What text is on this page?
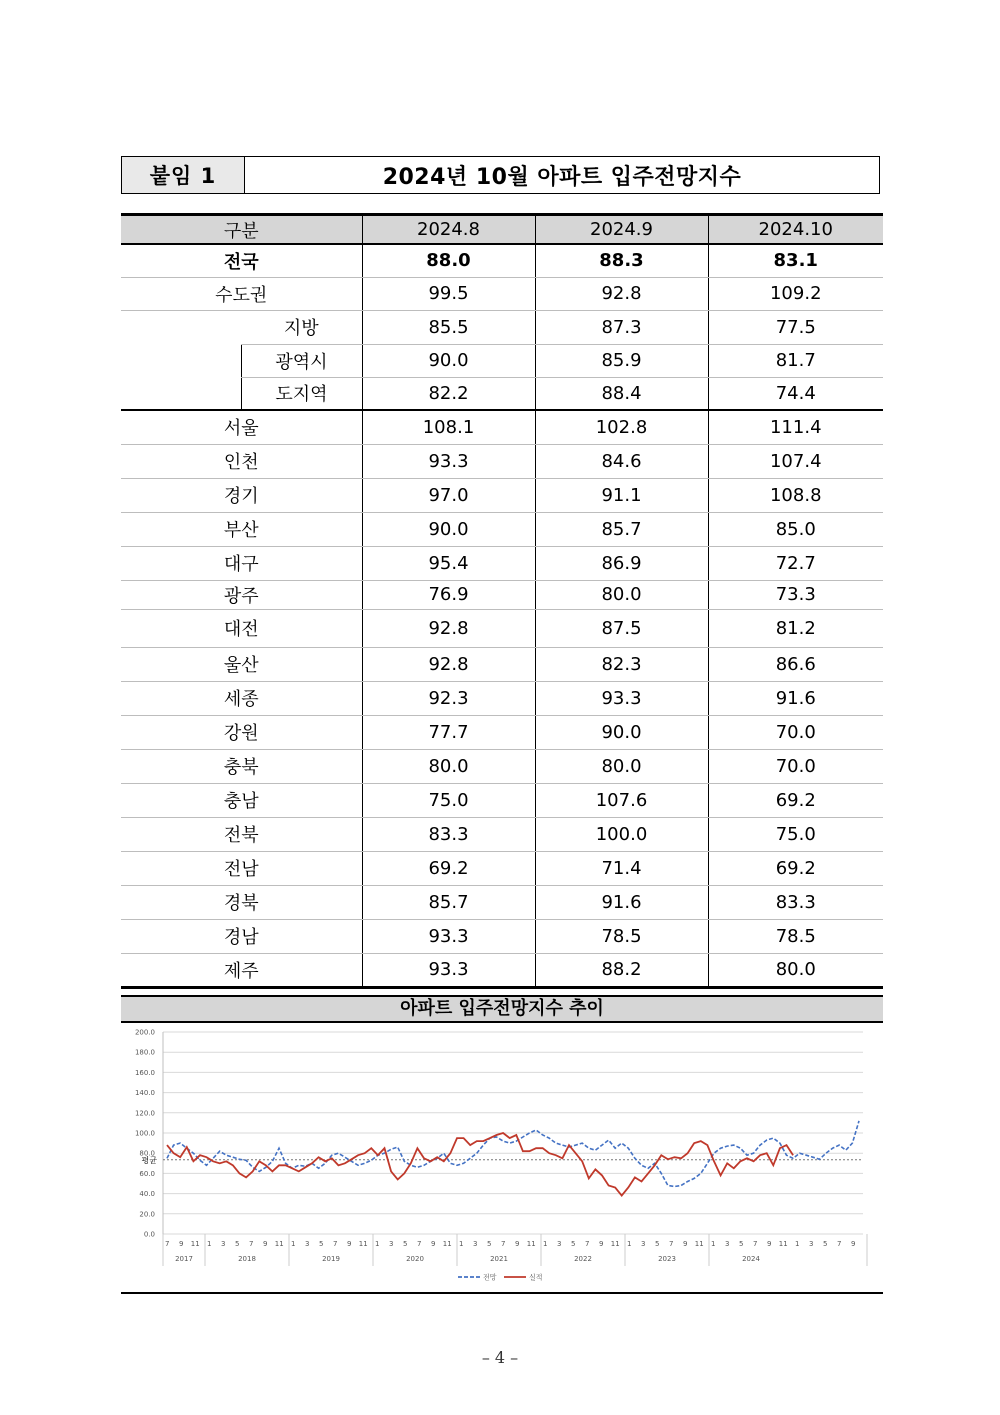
붙임 1	2024년 10월 아파트 입주전망지수
구분		2024.8	2024.9	2024.10
전국		88.0	88.3	83.1
수도권		99.5	92.8	109.2
	지방	85.5	87.3	77.5
	광역시	90.0	85.9	81.7
	도지역	82.2	88.4	74.4
서울		108.1	102.8	111.4
인천		93.3	84.6	107.4
경기		97.0	91.1	108.8
부산		90.0	85.7	85.0
대구		95.4	86.9	72.7
광주		76.9	80.0	73.3
대전		92.8	87.5	81.2
울산		92.8	82.3	86.6
세종		92.3	93.3	91.6
강원		77.7	90.0	70.0
충북		80.0	80.0	70.0
충남		75.0	107.6	69.2
전북		83.3	100.0	75.0
전남		69.2	71.4	69.2
경북		85.7	91.6	83.3
경남		93.3	78.5	78.5
제주		93.3	88.2	80.0
아파트 입주전망지수 추이
0.0
20.0
40.0
60.0
80.0
100.0
120.0
140.0
160.0
180.0
200.0
평균
7 9 11 1 3 5 7 9 11 1 3 5 7 9 11 1 3 5 7 9 11 1 3 5 7 9 11 1 3 5 7 9 11 1 3 5 7 9 11 1 3 5 7 9 11 1 3 5 7 9
2017	2018	2019	2020	2021	2022	2023	2024
전망	실적
– 4 –
